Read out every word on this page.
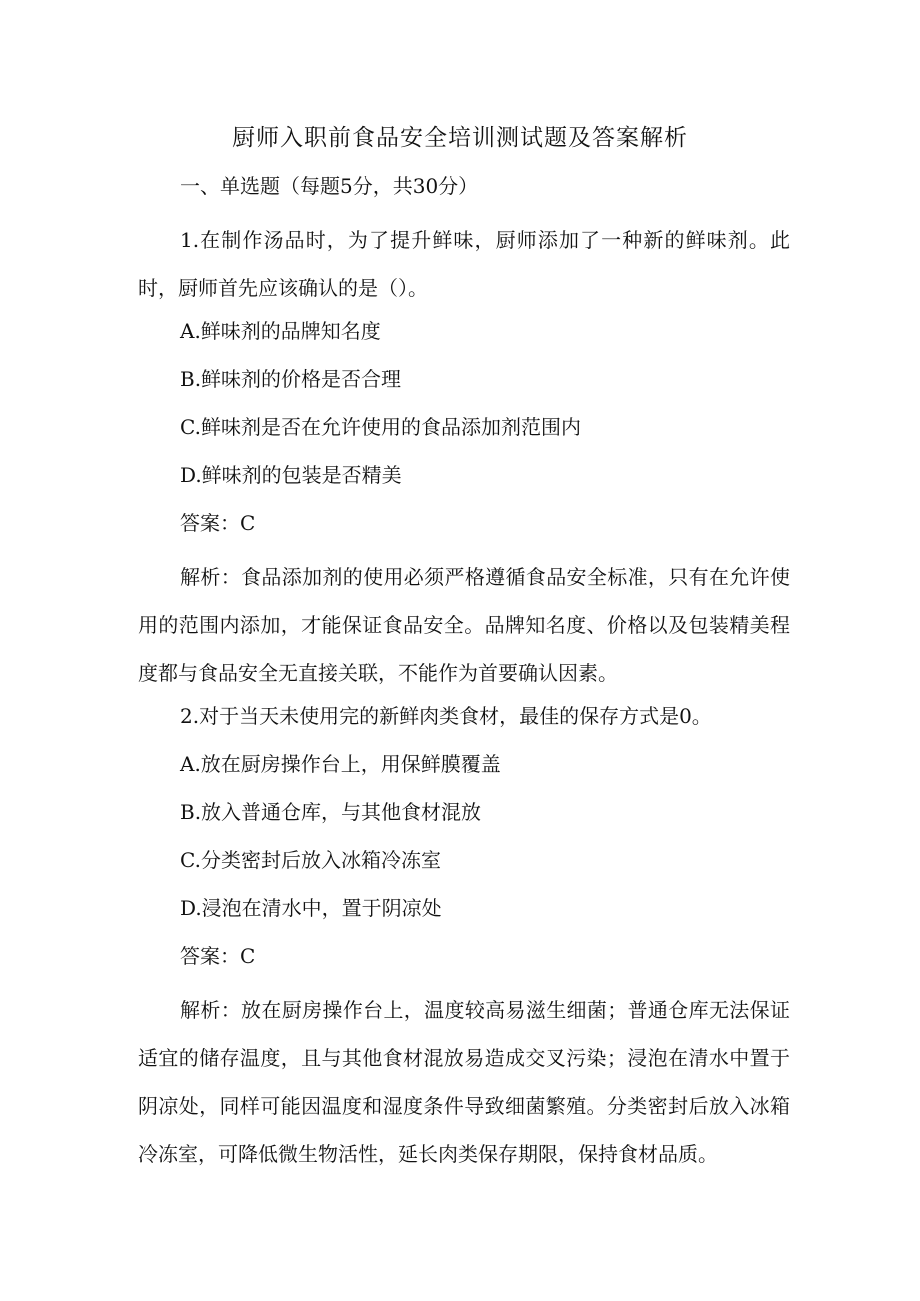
厨师入职前食品安全培训测试题及答案解析
一、单选题（每题5分，共30分）
1.在制作汤品时，为了提升鲜味，厨师添加了一种新的鲜味剂。此时，厨师首先应该确认的是（）。
A.鲜味剂的品牌知名度
B.鲜味剂的价格是否合理
C.鲜味剂是否在允许使用的食品添加剂范围内
D.鲜味剂的包装是否精美
答案：C
解析：食品添加剂的使用必须严格遵循食品安全标准，只有在允许使用的范围内添加，才能保证食品安全。品牌知名度、价格以及包装精美程度都与食品安全无直接关联，不能作为首要确认因素。
2.对于当天未使用完的新鲜肉类食材，最佳的保存方式是0。
A.放在厨房操作台上，用保鲜膜覆盖
B.放入普通仓库，与其他食材混放
C.分类密封后放入冰箱冷冻室
D.浸泡在清水中，置于阴凉处
答案：C
解析：放在厨房操作台上，温度较高易滋生细菌；普通仓库无法保证适宜的储存温度，且与其他食材混放易造成交叉污染；浸泡在清水中置于阴凉处，同样可能因温度和湿度条件导致细菌繁殖。分类密封后放入冰箱冷冻室，可降低微生物活性，延长肉类保存期限，保持食材品质。
